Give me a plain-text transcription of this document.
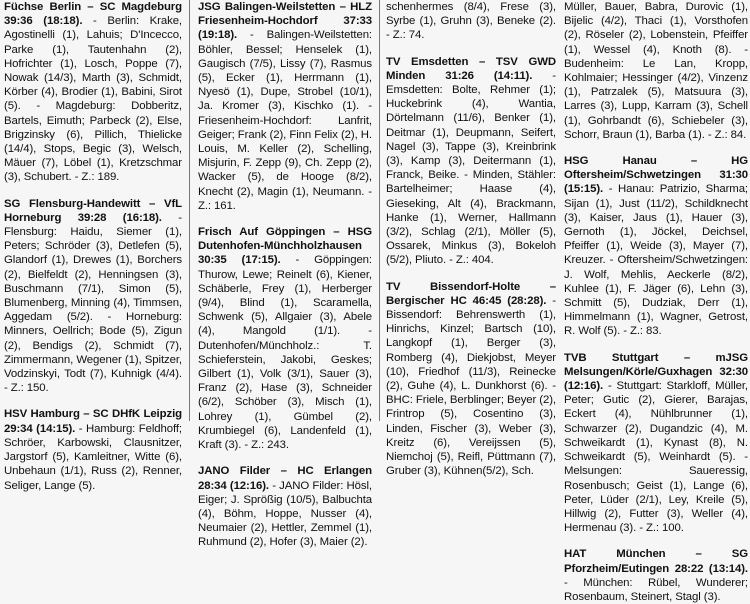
Füchse Berlin – SC Magdeburg 39:36 (18:18). - Berlin: Krake, Agostinelli (1), Lahuis; D'Incecco, Parke (1), Tautenhahn (2), Hofrichter (1), Losch, Poppe (7), Nowak (14/3), Marth (3), Schmidt, Körber (4), Brodier (1), Babini, Sirot (5). - Magdeburg: Dobberitz, Bartels, Eimuth; Parbeck (2), Else, Brigzinsky (6), Pillich, Thielicke (14/4), Stops, Begic (3), Welsch, Mäuer (7), Löbel (1), Kretzschmar (3), Schubert. - Z.: 189.

SG Flensburg-Handewitt – VfL Horneburg 39:28 (16:18). - Flensburg: Haidu, Siemer (1), Peters; Schröder (3), Detlefen (5), Glandorf (1), Drewes (1), Borchers (2), Bielfeldt (2), Henningsen (3), Buschmann (7/1), Simon (5), Blumenberg, Minning (4), Timmsen, Aggedam (5/2). - Horneburg: Minners, Oellrich; Bode (5), Zigun (2), Bendigs (2), Schmidt (7), Zimmermann, Wegener (1), Spitzer, Vodzinskyi, Todt (7), Kuhnigk (4/4). - Z.: 150.

HSV Hamburg – SC DHfK Leipzig 29:34 (14:15). - Hamburg: Feldhoff; Schröer, Karbowski, Clausnitzer, Jargstorf (5), Kamleitner, Witte (6), Unbehaun (1/1), Russ (2), Renner, Seliger, Lange (5).

JSG Balingen-Weilstetten – HLZ Friesenheim-Hochdorf 37:33 (19:18). - Balingen-Weilstetten: Böhler, Bessel; Henselek (1), Gaugisch (7/5), Lissy (7), Rasmus (5), Ecker (1), Herrmann (1), Nyesö (1), Dupe, Strobel (10/1), Ja. Kromer (3), Kischko (1). - Friesenheim-Hochdorf: Lanfrit, Geiger; Frank (2), Finn Felix (2), H. Louis, M. Keller (2), Schelling, Misjurin, F. Zepp (9), Ch. Zepp (2), Wacker (5), de Hooge (8/2), Knecht (2), Magin (1), Neumann. - Z.: 161.

Frisch Auf Göppingen – HSG Dutenhofen-Münchholzhausen 30:35 (17:15). - Göppingen: Thurow, Lewe; Reinelt (6), Kiener, Schäberle, Frey (1), Herberger (9/4), Blind (1), Scaramella, Schwenk (5), Allgaier (3), Abele (4), Mangold (1/1). - Dutenhofen/Münchholz.: T. Schieferstein, Jakobi, Geskes; Gilbert (1), Volk (3/1), Sauer (3), Franz (2), Hase (3), Schneider (6/2), Schöber (3), Misch (1), Lohrey (1), Gümbel (2), Krumbiegel (6), Landenfeld (1), Kraft (3). - Z.: 243.

JANO Filder – HC Erlangen 28:34 (12:16). - JANO Filder: Hösl, Eiger; J. Sprößig (10/5), Balbuchta (4), Böhm, Hoppe, Nusser (4), Neumaier (2), Hettler, Zemmel (1), Ruhmund (2), Hofer (3), Maier (2).

schenhermes (8/4), Frese (3), Syrbe (1), Gruhn (3), Beneke (2). - Z.: 74.

TV Emsdetten – TSV GWD Minden 31:26 (14:11). - Emsdetten: Bolte, Rehmer (1); Huckebrink (4), Wantia, Dörtelmann (11/6), Benker (1), Deitmar (1), Deupmann, Seifert, Nagel (3), Tappe (3), Kreinbrink (3), Kamp (3), Deitermann (1), Franck, Beike. - Minden, Stähler: Bartelheimer; Haase (4), Gieseking, Alt (4), Brackmann, Hanke (1), Werner, Hallmann (3/2), Schlag (2/1), Möller (5), Ossarek, Minkus (3), Bokeloh (5/2), Pliuto. - Z.: 404.

TV Bissendorf-Holte – Bergischer HC 46:45 (28:28). - Bissendorf: Behrenswerth (1), Hinrichs, Kinzel; Bartsch (10), Langkopf (1), Berger (3), Romberg (4), Diekjobst, Meyer (10), Friedhof (11/3), Reinecke (2), Guhe (4), L. Dunkhorst (6). - BHC: Friele, Berblinger; Beyer (2), Frintrop (5), Cosentino (3), Linden, Fischer (3), Weber (3), Kreitz (6), Vereijssen (5), Niemchoj (5), Reifl, Püttmann (7), Gruber (3), Kühnen(5/2), Sch.

Müller, Bauer, Babra, Durovic (1), Bijelic (4/2), Thaci (1), Vorsthofen (2), Röseler (2), Lobenstein, Pfeiffer (1), Wessel (4), Knoth (8). - Budenheim: Le Lan, Kropp, Kohlmaier; Hessinger (4/2), Vinzenz (1), Patrzalek (5), Matsuura (3), Larres (3), Lupp, Karram (3), Schell (1), Gohrbandt (6), Schiebeler (3), Schorr, Braun (1), Barba (1). - Z.: 84.

HSG Hanau – HG Oftersheim/Schwetzingen 31:30 (15:15). - Hanau: Patrizio, Sharma; Sijan (1), Just (11/2), Schildknecht (3), Kaiser, Jaus (1), Hauer (3), Gernoth (1), Jöckel, Deichsel, Pfeiffer (1), Weide (3), Mayer (7), Kreuzer. - Oftersheim/Schwetzingen: J. Wolf, Mehlis, Aeckerle (8/2), Kuhlee (1), F. Jäger (6), Lehn (3), Schmitt (5), Dudziak, Derr (1), Himmelmann (1), Wagner, Getrost, R. Wolf (5). - Z.: 83.

TVB Stuttgart – mJSG Melsungen/Körle/Guxhagen 32:30 (12:16). - Stuttgart: Starkloff, Müller, Peter; Gutic (2), Gierer, Barajas, Eckert (4), Nühlbrunner (1), Schwarzer (2), Dugandzic (4), M. Schweikardt (1), Kynast (8), N. Schweikardt (5), Weinhardt (5). - Melsungen: Saueressig, Rosenbusch; Geist (1), Lange (6), Peter, Lüder (2/1), Ley, Kreile (5), Hillwig (2), Futter (3), Weller (4), Hermenau (3). - Z.: 100.

HAT München – SG Pforzheim/Eutingen 28:22 (13:14). - München: Rübel, Wunderer; Rosenbaum, Steinert, Stagl (3).
